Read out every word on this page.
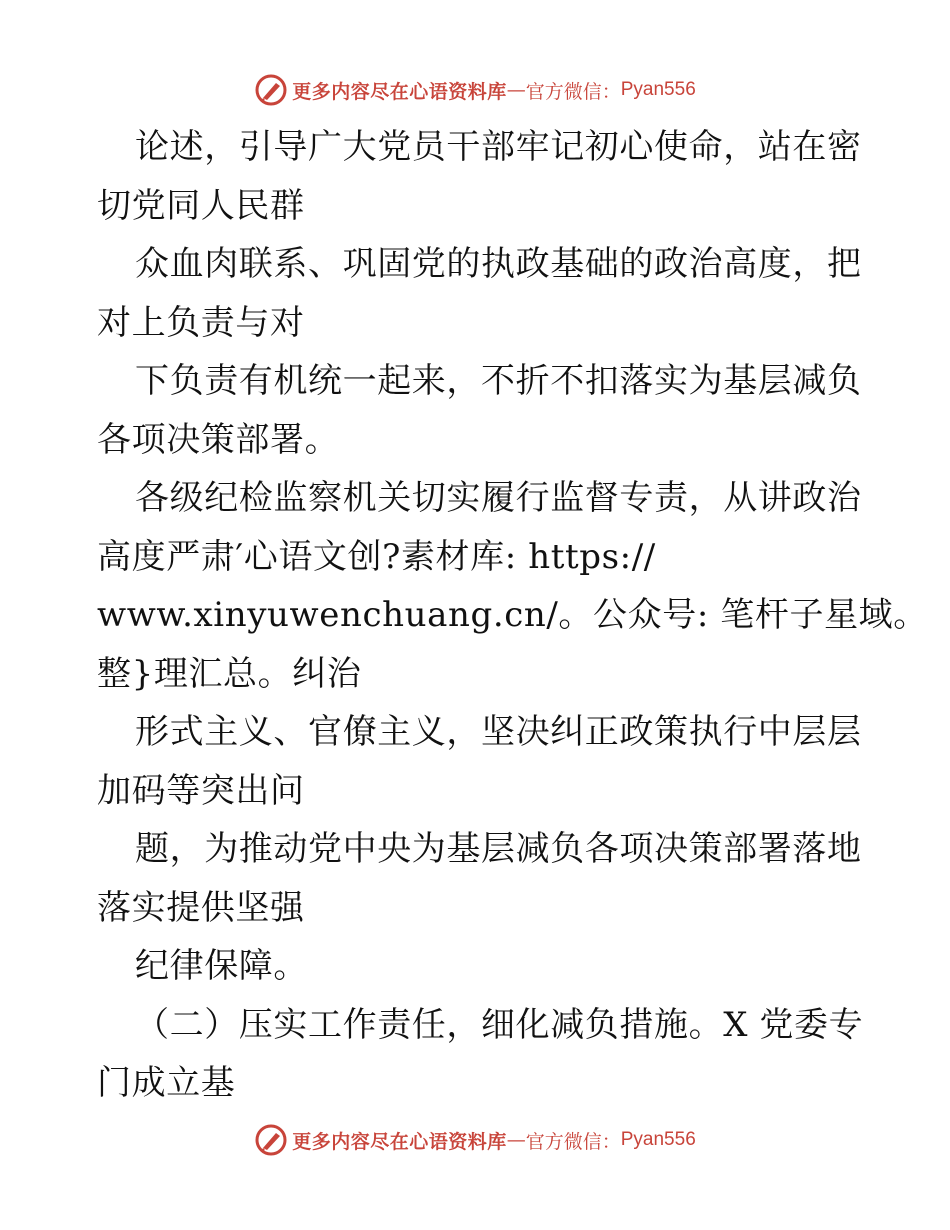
更多内容尽在心语资料库 — 官方微信： Pyan556
论述，引导广大党员干部牢记初心使命，站在密
切党同人民群
众血肉联系、巩固党的执政基础的政治高度，把
对上负责与对
下负责有机统一起来，不折不扣落实为基层减负
各项决策部署。
各级纪检监察机关切实履行监督专责，从讲政治
高度严肃′心语文创?素材库: https://
www.xinyuwenchuang.cn/。公众号: 笔杆子星域。
整}理汇总。纠治
形式主义、官僚主义，坚决纠正政策执行中层层
加码等突出问
题，为推动党中央为基层减负各项决策部署落地
落实提供坚强
纪律保障。
（二）压实工作责任，细化减负措施。X 党委专
门成立基
更多内容尽在心语资料库 — 官方微信： Pyan556
